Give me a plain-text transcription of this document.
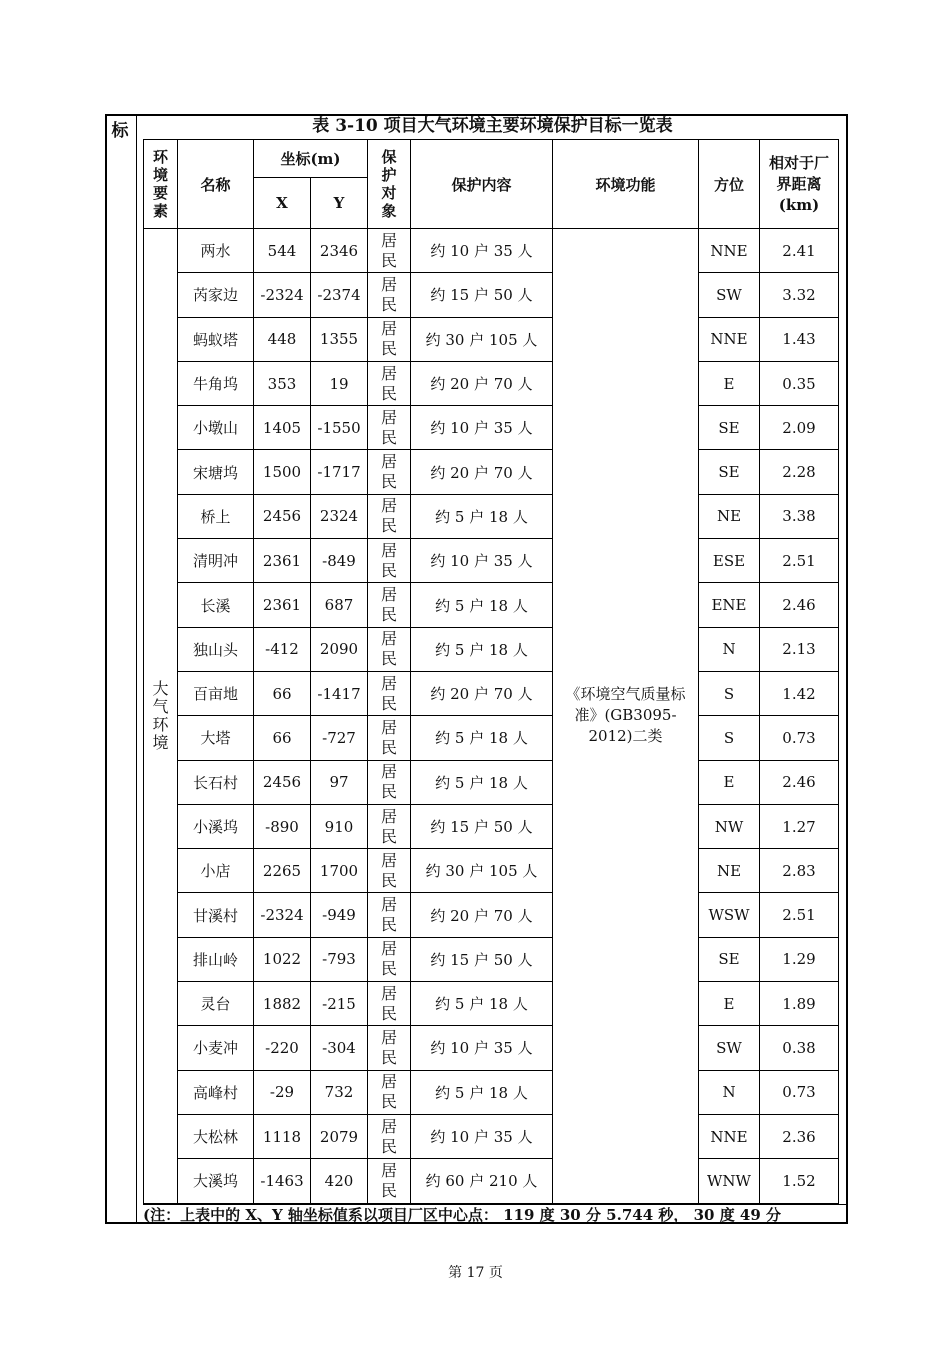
标	表 3-10 项目大气环境主要环境保护目标一览表
环境要素	名称	坐标(m)		保护对象	保护内容	环境功能	方位	相对于厂界距离(km)

		X	Y					

大气环境	两水	544	2346	居民	约 10 户 35 人	《环境空气质量标准》(GB3095-2012)二类	NNE	2.41
	芮家边	-2324	-2374	居民	约 15 户 50 人		SW	3.32
	蚂蚁塔	448	1355	居民	约 30 户 105 人		NNE	1.43
	牛角坞	353	19	居民	约 20 户 70 人		E	0.35
	小墩山	1405	-1550	居民	约 10 户 35 人		SE	2.09
	宋塘坞	1500	-1717	居民	约 20 户 70 人		SE	2.28
	桥上	2456	2324	居民	约 5 户 18 人		NE	3.38
	清明冲	2361	-849	居民	约 10 户 35 人		ESE	2.51
	长溪	2361	687	居民	约 5 户 18 人		ENE	2.46
	独山头	-412	2090	居民	约 5 户 18 人		N	2.13
	百亩地	66	-1417	居民	约 20 户 70 人		S	1.42
	大塔	66	-727	居民	约 5 户 18 人		S	0.73
	长石村	2456	97	居民	约 5 户 18 人		E	2.46
	小溪坞	-890	910	居民	约 15 户 50 人		NW	1.27
	小店	2265	1700	居民	约 30 户 105 人		NE	2.83
	甘溪村	-2324	-949	居民	约 20 户 70 人		WSW	2.51
	排山岭	1022	-793	居民	约 15 户 50 人		SE	1.29
	灵台	1882	-215	居民	约 5 户 18 人		E	1.89
	小麦冲	-220	-304	居民	约 10 户 35 人		SW	0.38
	高峰村	-29	732	居民	约 5 户 18 人		N	0.73
	大松林	1118	2079	居民	约 10 户 35 人		NNE	2.36
	大溪坞	-1463	420	居民	约 60 户 210 人		WNW	1.52
(注：上表中的 X、Y 轴坐标值系以项目厂区中心点： 119 度 30 分 5.744 秒， 30 度 49 分
第 17 页
